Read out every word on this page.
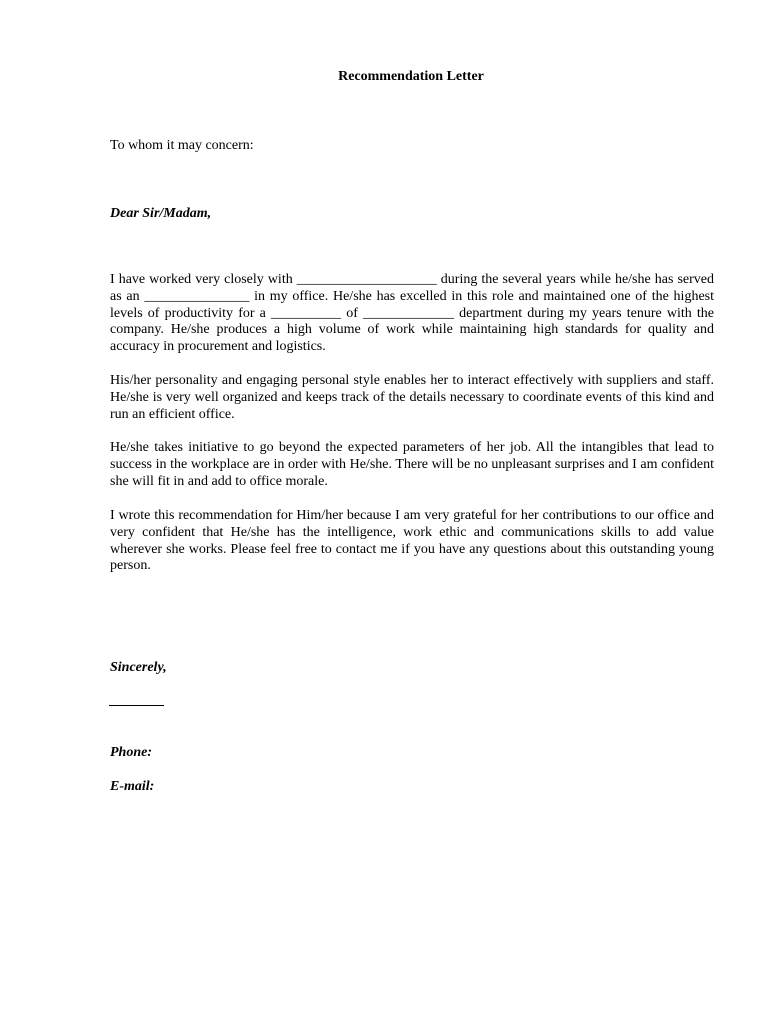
Recommendation Letter
To whom it may concern:
Dear Sir/Madam,
I have worked very closely with ____________________ during the several years while he/she has served as an _______________ in my office. He/she has excelled in this role and maintained one of the highest levels of productivity for a __________ of _____________ department during my years tenure with the company. He/she produces a high volume of work while maintaining high standards for quality and accuracy in procurement and logistics.
His/her personality and engaging personal style enables her to interact effectively with suppliers and staff. He/she is very well organized and keeps track of the details necessary to coordinate events of this kind and run an efficient office.
He/she takes initiative to go beyond the expected parameters of her job. All the intangibles that lead to success in the workplace are in order with He/she. There will be no unpleasant surprises and I am confident she will fit in and add to office morale.
I wrote this recommendation for Him/her because I am very grateful for her contributions to our office and very confident that He/she has the intelligence, work ethic and communications skills to add value wherever she works. Please feel free to contact me if you have any questions about this outstanding young person.
Sincerely,
Phone:
E-mail:
